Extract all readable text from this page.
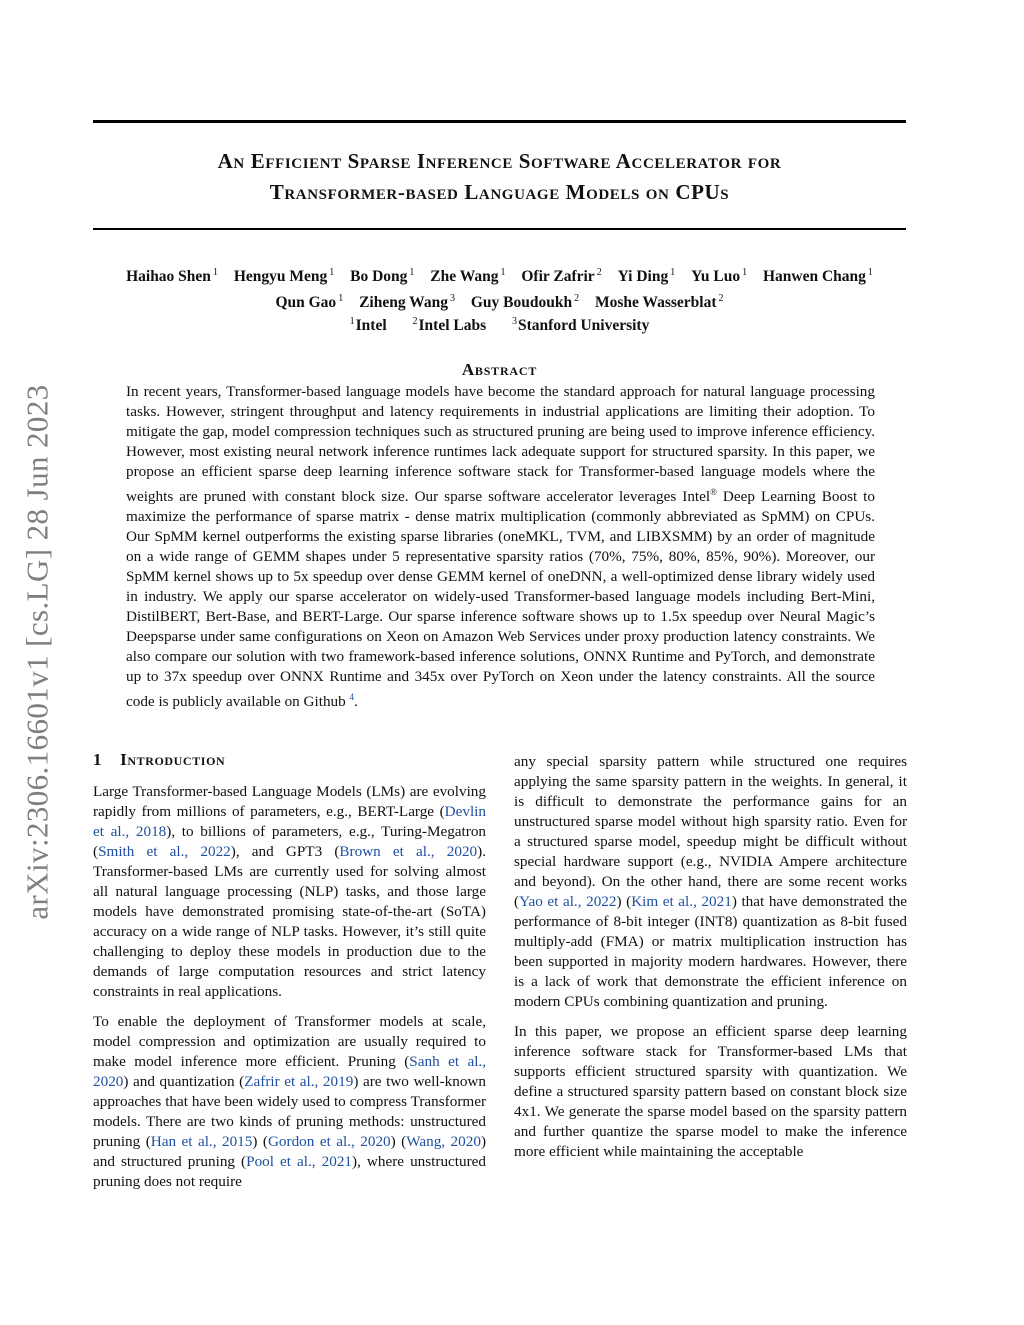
arXiv:2306.16601v1 [cs.LG] 28 Jun 2023
An Efficient Sparse Inference Software Accelerator for
Transformer-based Language Models on CPUs
Haihao Shen $^1$ Hengyu Meng $^1$ Bo Dong $^1$ Zhe Wang $^1$ Ofir Zafrir $^2$ Yi Ding $^1$ Yu Luo $^1$ Hanwen Chang $^1$
Qun Gao $^1$ Ziheng Wang $^3$ Guy Boudoukh $^2$ Moshe Wasserblat $^2$
$^1$Intel	$^2$Intel Labs	$^3$Stanford University
Abstract
In recent years, Transformer-based language models have become the standard approach for natural language processing tasks. However, stringent throughput and latency requirements in industrial applications are limiting their adoption. To mitigate the gap, model compression techniques such as structured pruning are being used to improve inference efficiency. However, most existing neural network inference runtimes lack adequate support for structured sparsity. In this paper, we propose an efficient sparse deep learning inference software stack for Transformer-based language models where the weights are pruned with constant block size. Our sparse software accelerator leverages Intel® Deep Learning Boost to maximize the performance of sparse matrix - dense matrix multiplication (commonly abbreviated as SpMM) on CPUs. Our SpMM kernel outperforms the existing sparse libraries (oneMKL, TVM, and LIBXSMM) by an order of magnitude on a wide range of GEMM shapes under 5 representative sparsity ratios (70%, 75%, 80%, 85%, 90%). Moreover, our SpMM kernel shows up to 5x speedup over dense GEMM kernel of oneDNN, a well-optimized dense library widely used in industry. We apply our sparse accelerator on widely-used Transformer-based language models including Bert-Mini, DistilBERT, Bert-Base, and BERT-Large. Our sparse inference software shows up to 1.5x speedup over Neural Magic’s Deepsparse under same configurations on Xeon on Amazon Web Services under proxy production latency constraints. We also compare our solution with two framework-based inference solutions, ONNX Runtime and PyTorch, and demonstrate up to 37x speedup over ONNX Runtime and 345x over PyTorch on Xeon under the latency constraints. All the source code is publicly available on Github $^4$.
1 Introduction

Large Transformer-based Language Models (LMs) are evolving rapidly from millions of parameters, e.g., BERT-Large (Devlin et al., 2018), to billions of parameters, e.g., Turing-Megatron (Smith et al., 2022), and GPT3 (Brown et al., 2020). Transformer-based LMs are currently used for solving almost all natural language processing (NLP) tasks, and those large models have demonstrated promising state-of-the-art (SoTA) accuracy on a wide range of NLP tasks. However, it’s still quite challenging to deploy these models in production due to the demands of large computation resources and strict latency constraints in real applications.

To enable the deployment of Transformer models at scale, model compression and optimization are usually required to make model inference more efficient. Pruning (Sanh et al., 2020) and quantization (Zafrir et al., 2019) are two well-known approaches that have been widely used to compress Transformer models. There are two kinds of pruning methods: unstructured pruning (Han et al., 2015) (Gordon et al., 2020) (Wang, 2020) and structured pruning (Pool et al., 2021), where unstructured pruning does not require

any special sparsity pattern while structured one requires applying the same sparsity pattern in the weights. In general, it is difficult to demonstrate the performance gains for an unstructured sparse model without high sparsity ratio. Even for a structured sparse model, speedup might be difficult without special hardware support (e.g., NVIDIA Ampere architecture and beyond). On the other hand, there are some recent works (Yao et al., 2022) (Kim et al., 2021) that have demonstrated the performance of 8-bit integer (INT8) quantization as 8-bit fused multiply-add (FMA) or matrix multiplication instruction has been supported in majority modern hardwares. However, there is a lack of work that demonstrate the efficient inference on modern CPUs combining quantization and pruning.

In this paper, we propose an efficient sparse deep learning inference software stack for Transformer-based LMs that supports efficient structured sparsity with quantization. We define a structured sparsity pattern based on constant block size 4x1. We generate the sparse model based on the sparsity pattern and further quantize the sparse model to make the inference more efficient while maintaining the acceptable
